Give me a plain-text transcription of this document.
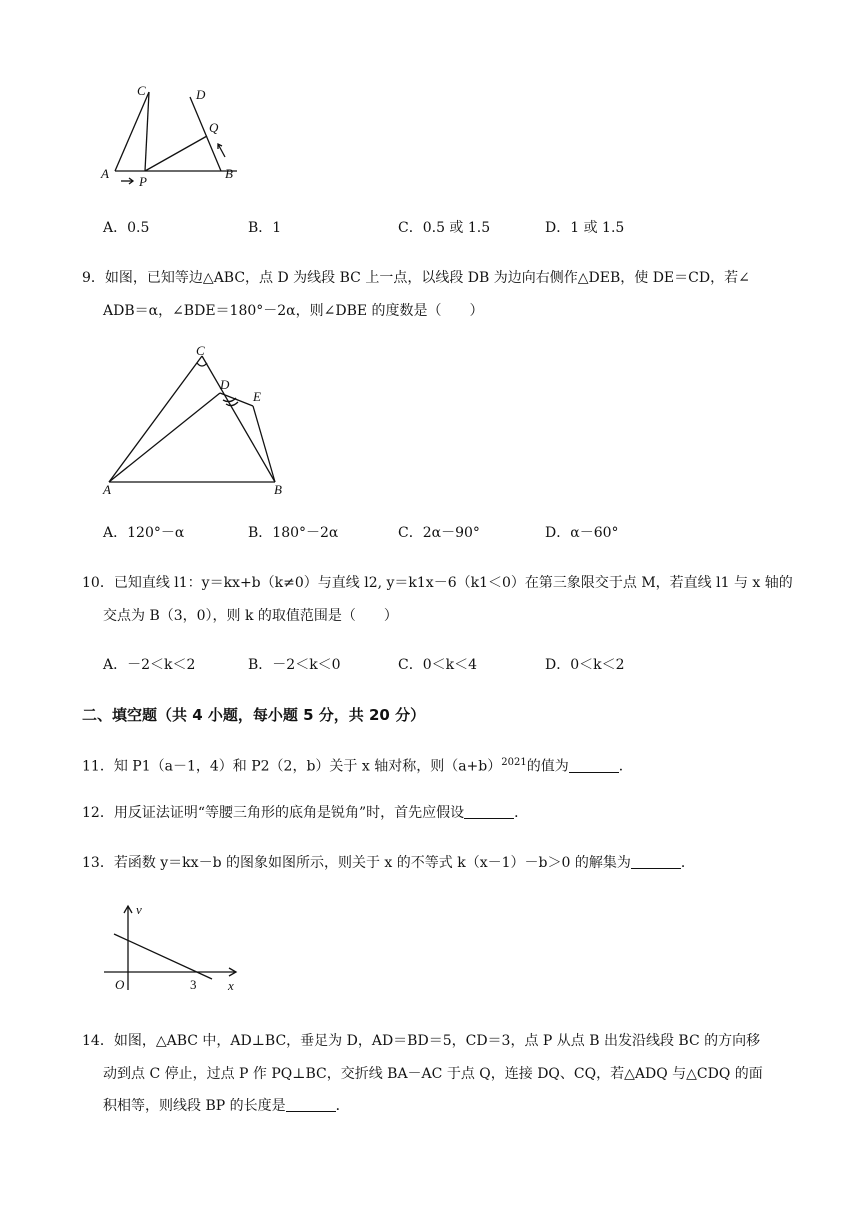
C	D
Q
A
P
B
A．0.5	B．1	C．0.5 或 1.5	D．1 或 1.5
9．如图，已知等边△ABC，点 D 为线段 BC 上一点，以线段 DB 为边向右侧作△DEB，使 DE＝CD，若∠
ADB＝α，∠BDE＝180°－2α，则∠DBE 的度数是（　　）
C
D
E
A	B
A．120°－α	B．180°－2α	C．2α－90°	D．α－60°
10．已知直线 l1：y＝kx+b（k≠0）与直线 l2, y＝k1x－6（k1＜0）在第三象限交于点 M，若直线 l1 与 x 轴的
交点为 B（3，0），则 k 的取值范围是（　　）
A．－2＜k＜2	B．－2＜k＜0	C．0＜k＜4	D．0＜k＜2
二、填空题（共 4 小题，每小题 5 分，共 20 分）
11．知 P1（a－1，4）和 P2（2，b）关于 x 轴对称，则$(a+b)^{2021}$的值为	．
12．用反证法证明“等腰三角形的底角是锐角”时，首先应假设	．
13．若函数 y＝kx－b 的图象如图所示，则关于 x 的不等式 k（x－1）－b＞0 的解集为	．
v
O	3 x
14．如图，△ABC 中，AD⊥BC，垂足为 D，AD＝BD＝5，CD＝3，点 P 从点 B 出发沿线段 BC 的方向移
动到点 C 停止，过点 P 作 PQ⊥BC，交折线 BA－AC 于点 Q，连接 DQ、CQ，若△ADQ 与△CDQ 的面
积相等，则线段 BP 的长度是	．
